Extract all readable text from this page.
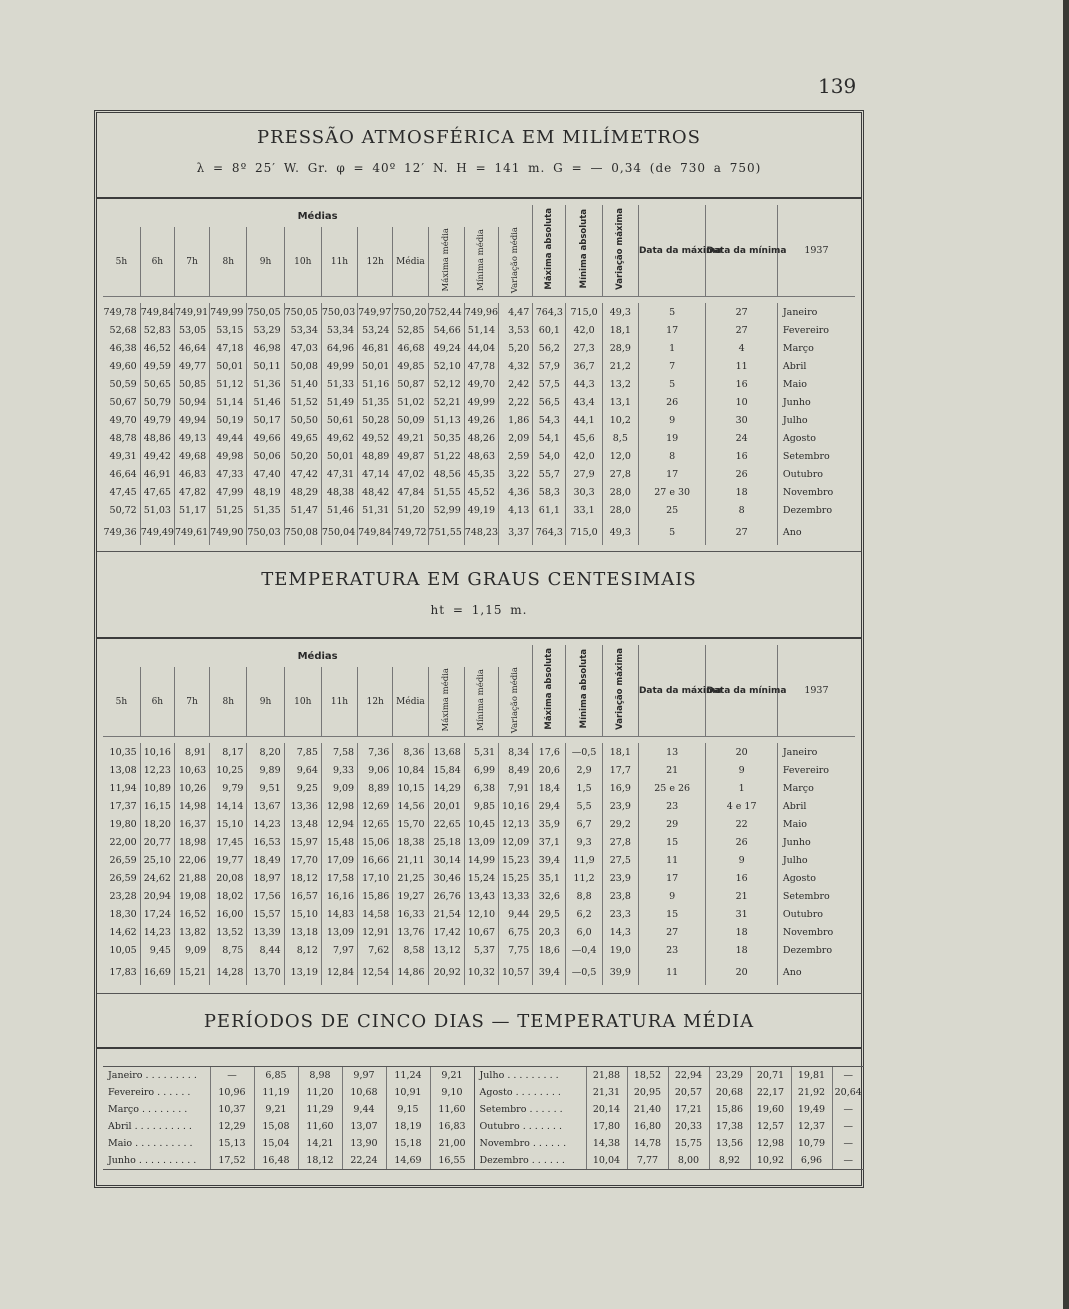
139
PRESSÃO ATMOSFÉRICA EM MILÍMETROS
λ = 8º 25′ W. Gr. φ = 40º 12′ N. H = 141 m. G = — 0,34 (de 730 a 750)
Médias												Máxima absoluta	Mínima absoluta	Variação máxima	Data da máxima	Data da mínima	1937
5h	6h	7h	8h	9h	10h	11h	12h	Média	Máxima média	Mínima média	Variação média						

749,78	749,84	749,91	749,99	750,05	750,05	750,03	749,97	750,20	752,44	749,96	4,47	764,3	715,0	49,3	5	27	Janeiro
52,68	52,83	53,05	53,15	53,29	53,34	53,34	53,24	52,85	54,66	51,14	3,53	60,1	42,0	18,1	17	27	Fevereiro
46,38	46,52	46,64	47,18	46,98	47,03	64,96	46,81	46,68	49,24	44,04	5,20	56,2	27,3	28,9	1	4	Março
49,60	49,59	49,77	50,01	50,11	50,08	49,99	50,01	49,85	52,10	47,78	4,32	57,9	36,7	21,2	7	11	Abril
50,59	50,65	50,85	51,12	51,36	51,40	51,33	51,16	50,87	52,12	49,70	2,42	57,5	44,3	13,2	5	16	Maio
50,67	50,79	50,94	51,14	51,46	51,52	51,49	51,35	51,02	52,21	49,99	2,22	56,5	43,4	13,1	26	10	Junho
49,70	49,79	49,94	50,19	50,17	50,50	50,61	50,28	50,09	51,13	49,26	1,86	54,3	44,1	10,2	9	30	Julho
48,78	48,86	49,13	49,44	49,66	49,65	49,62	49,52	49,21	50,35	48,26	2,09	54,1	45,6	8,5	19	24	Agosto
49,31	49,42	49,68	49,98	50,06	50,20	50,01	48,89	49,87	51,22	48,63	2,59	54,0	42,0	12,0	8	16	Setembro
46,64	46,91	46,83	47,33	47,40	47,42	47,31	47,14	47,02	48,56	45,35	3,22	55,7	27,9	27,8	17	26	Outubro
47,45	47,65	47,82	47,99	48,19	48,29	48,38	48,42	47,84	51,55	45,52	4,36	58,3	30,3	28,0	27 e 30	18	Novembro
50,72	51,03	51,17	51,25	51,35	51,47	51,46	51,31	51,20	52,99	49,19	4,13	61,1	33,1	28,0	25	8	Dezembro
749,36	749,49	749,61	749,90	750,03	750,08	750,04	749,84	749,72	751,55	748,23	3,37	764,3	715,0	49,3	5	27	Ano
TEMPERATURA EM GRAUS CENTESIMAIS
ht = 1,15 m.
Médias												Máxima absoluta	Mínima absoluta	Variação máxima	Data da máxima	Data da mínima	1937
5h	6h	7h	8h	9h	10h	11h	12h	Média	Máxima média	Mínima média	Variação média						

10,35	10,16	8,91	8,17	8,20	7,85	7,58	7,36	8,36	13,68	5,31	8,34	17,6	—0,5	18,1	13	20	Janeiro
13,08	12,23	10,63	10,25	9,89	9,64	9,33	9,06	10,84	15,84	6,99	8,49	20,6	2,9	17,7	21	9	Fevereiro
11,94	10,89	10,26	9,79	9,51	9,25	9,09	8,89	10,15	14,29	6,38	7,91	18,4	1,5	16,9	25 e 26	1	Março
17,37	16,15	14,98	14,14	13,67	13,36	12,98	12,69	14,56	20,01	9,85	10,16	29,4	5,5	23,9	23	4 e 17	Abril
19,80	18,20	16,37	15,10	14,23	13,48	12,94	12,65	15,70	22,65	10,45	12,13	35,9	6,7	29,2	29	22	Maio
22,00	20,77	18,98	17,45	16,53	15,97	15,48	15,06	18,38	25,18	13,09	12,09	37,1	9,3	27,8	15	26	Junho
26,59	25,10	22,06	19,77	18,49	17,70	17,09	16,66	21,11	30,14	14,99	15,23	39,4	11,9	27,5	11	9	Julho
26,59	24,62	21,88	20,08	18,97	18,12	17,58	17,10	21,25	30,46	15,24	15,25	35,1	11,2	23,9	17	16	Agosto
23,28	20,94	19,08	18,02	17,56	16,57	16,16	15,86	19,27	26,76	13,43	13,33	32,6	8,8	23,8	9	21	Setembro
18,30	17,24	16,52	16,00	15,57	15,10	14,83	14,58	16,33	21,54	12,10	9,44	29,5	6,2	23,3	15	31	Outubro
14,62	14,23	13,82	13,52	13,39	13,18	13,09	12,91	13,76	17,42	10,67	6,75	20,3	6,0	14,3	27	18	Novembro
10,05	9,45	9,09	8,75	8,44	8,12	7,97	7,62	8,58	13,12	5,37	7,75	18,6	—0,4	19,0	23	18	Dezembro
17,83	16,69	15,21	14,28	13,70	13,19	12,84	12,54	14,86	20,92	10,32	10,57	39,4	—0,5	39,9	11	20	Ano
PERÍODOS DE CINCO DIAS — TEMPERATURA MÉDIA
Janeiro . . . . . . . . .	—	6,85	8,98	9,97	11,24	9,21	Julho . . . . . . . . .	21,88	18,52	22,94	23,29	20,71	19,81	—
Fevereiro . . . . . .	10,96	11,19	11,20	10,68	10,91	9,10	Agosto . . . . . . . .	21,31	20,95	20,57	20,68	22,17	21,92	20,64
Março . . . . . . . .	10,37	9,21	11,29	9,44	9,15	11,60	Setembro . . . . . .	20,14	21,40	17,21	15,86	19,60	19,49	—
Abril . . . . . . . . . .	12,29	15,08	11,60	13,07	18,19	16,83	Outubro . . . . . . .	17,80	16,80	20,33	17,38	12,57	12,37	—
Maio . . . . . . . . . .	15,13	15,04	14,21	13,90	15,18	21,00	Novembro . . . . . .	14,38	14,78	15,75	13,56	12,98	10,79	—
Junho . . . . . . . . . .	17,52	16,48	18,12	22,24	14,69	16,55	Dezembro . . . . . .	10,04	7,77	8,00	8,92	10,92	6,96	—
